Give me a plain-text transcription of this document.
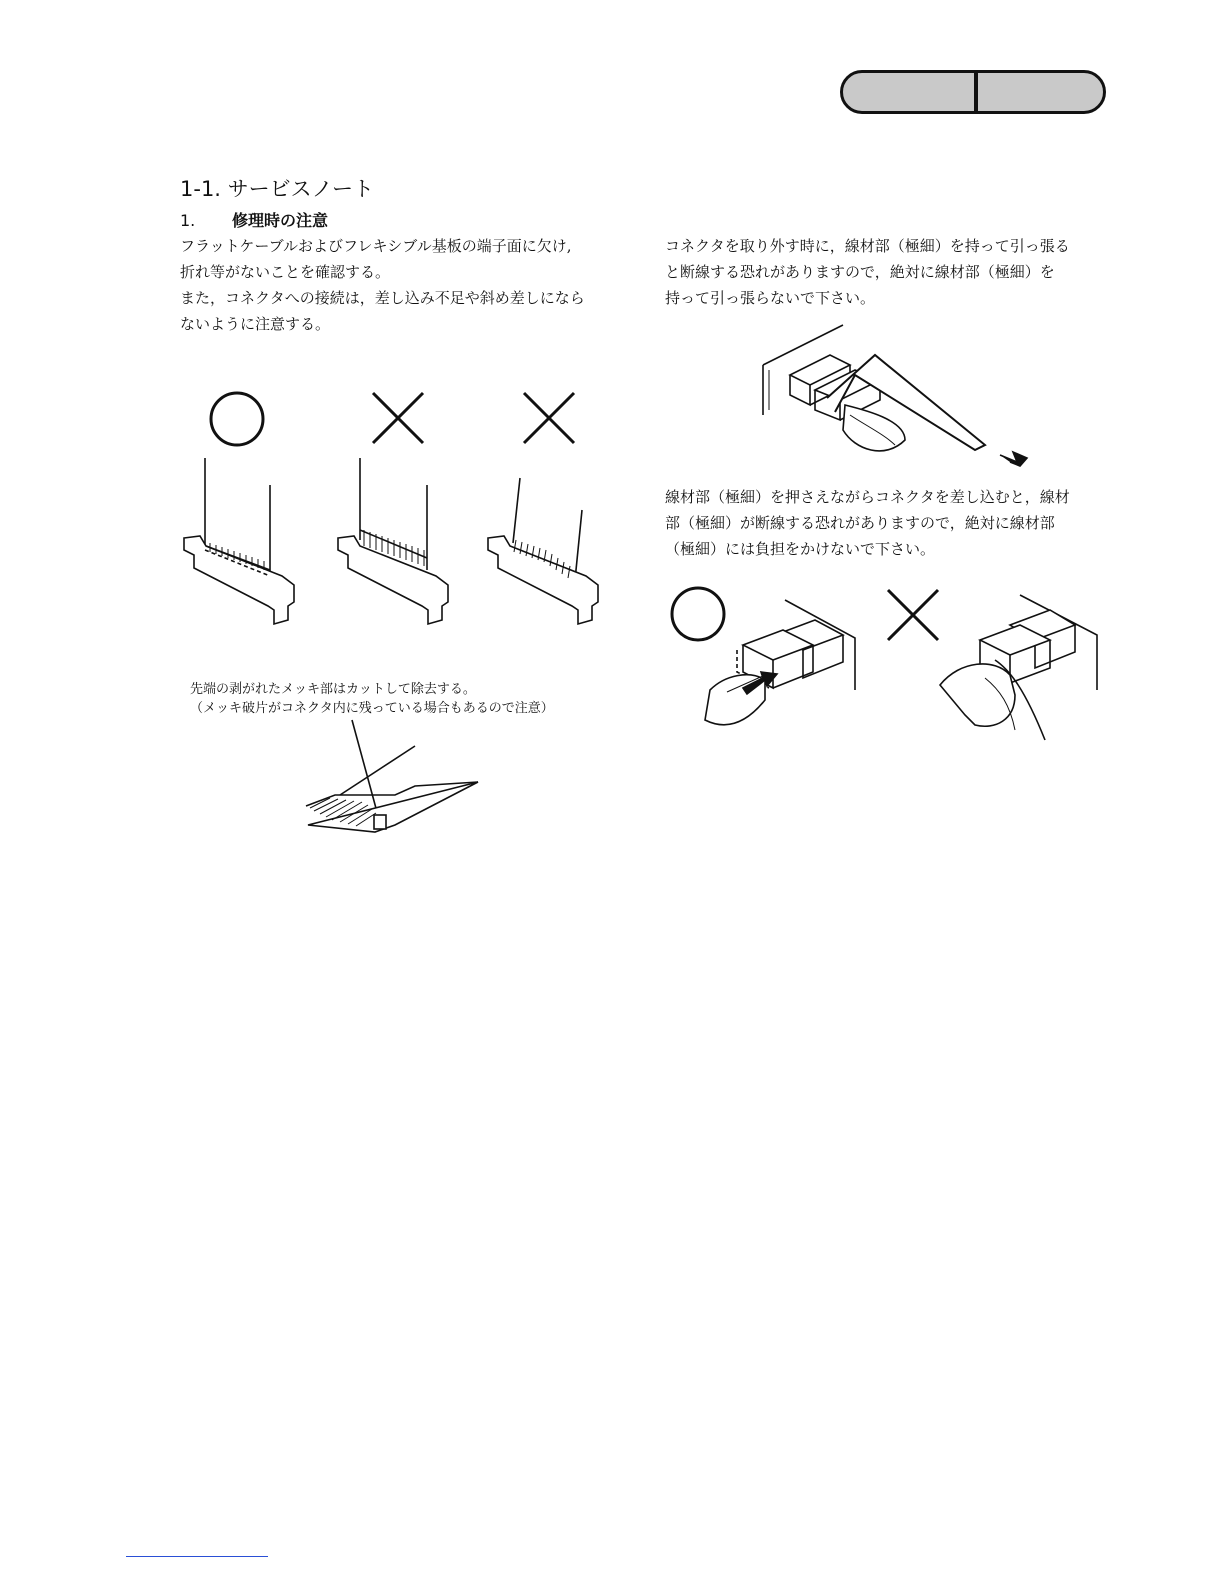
1-1. サービスノート
1. 修理時の注意

フラットケーブルおよびフレキシブル基板の端子面に欠け,
折れ等がないことを確認する。
また，コネクタへの接続は，差し込み不足や斜め差しになら
ないように注意する。

コネクタを取り外す時に，線材部（極細）を持って引っ張る
と断線する恐れがありますので，絶対に線材部（極細）を
持って引っ張らないで下さい。

線材部（極細）を押さえながらコネクタを差し込むと，線材
部（極細）が断線する恐れがありますので，絶対に線材部
（極細）には負担をかけないで下さい。

先端の剥がれたメッキ部はカットして除去する。
（メッキ破片がコネクタ内に残っている場合もあるので注意）
